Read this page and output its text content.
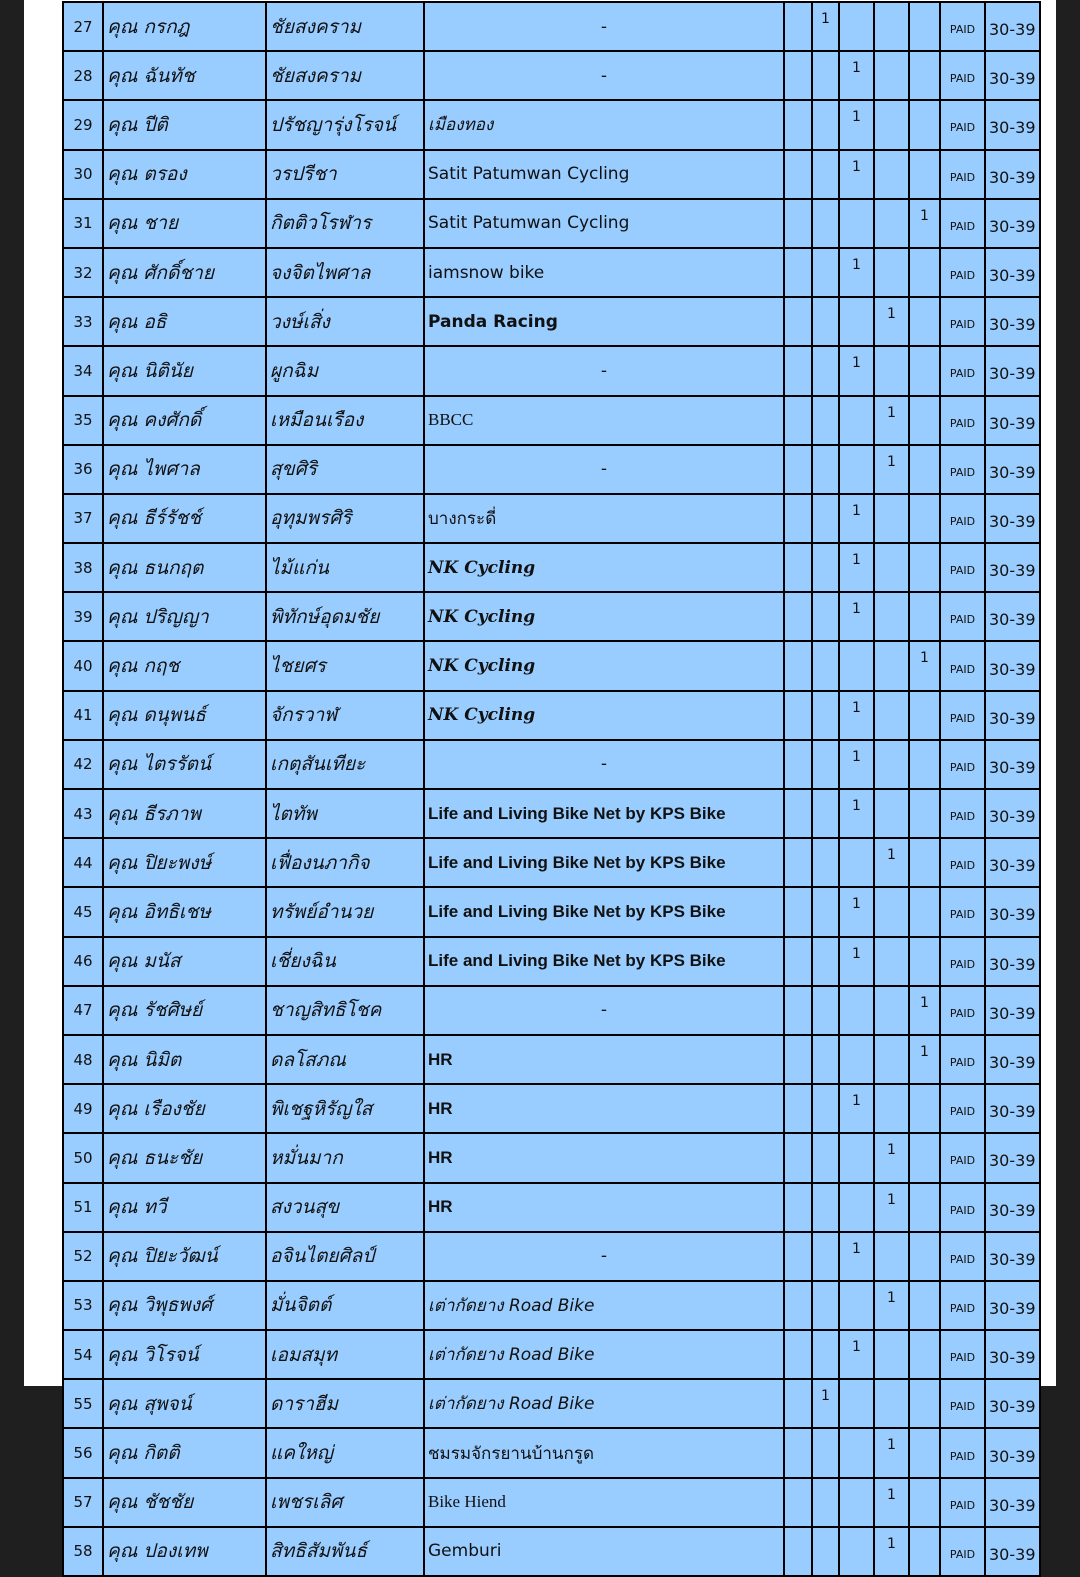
27	คุณ กรกฎ	ชัยสงคราม	-		1				PAID	30-39
28	คุณ ฉันทัช	ชัยสงคราม	-			1			PAID	30-39
29	คุณ ปีติ	ปรัชญารุ่งโรจน์	เมืองทอง			1			PAID	30-39
30	คุณ ตรอง	วรปรีชา	Satit Patumwan Cycling			1			PAID	30-39
31	คุณ ชาย	กิตติวโรฬาร	Satit Patumwan Cycling					1	PAID	30-39
32	คุณ ศักดิ์ชาย	จงจิตไพศาล	iamsnow bike			1			PAID	30-39
33	คุณ อธิ	วงษ์เสิ่ง	Panda Racing				1		PAID	30-39
34	คุณ นิตินัย	ผูกฉิม	-			1			PAID	30-39
35	คุณ คงศักดิ์	เหมือนเรือง	BBCC				1		PAID	30-39
36	คุณ ไพศาล	สุขศิริ	-				1		PAID	30-39
37	คุณ ธีร์รัชช์	อุทุมพรศิริ	บางกระดี่			1			PAID	30-39
38	คุณ ธนกฤต	ไม้แก่น	NK Cycling			1			PAID	30-39
39	คุณ ปริญญา	พิทักษ์อุดมชัย	NK Cycling			1			PAID	30-39
40	คุณ กฤช	ไชยศร	NK Cycling					1	PAID	30-39
41	คุณ ดนุพนธ์	จักรวาฬ	NK Cycling			1			PAID	30-39
42	คุณ ไตรรัตน์	เกตุสันเทียะ	-			1			PAID	30-39
43	คุณ ธีรภาพ	ไตทัพ	Life and Living Bike Net by KPS Bike			1			PAID	30-39
44	คุณ ปิยะพงษ์	เฟื่องนภากิจ	Life and Living Bike Net by KPS Bike				1		PAID	30-39
45	คุณ อิทธิเชษ	ทรัพย์อำนวย	Life and Living Bike Net by KPS Bike			1			PAID	30-39
46	คุณ มนัส	เชี่ยงฉิน	Life and Living Bike Net by KPS Bike			1			PAID	30-39
47	คุณ รัชศิษย์	ชาญสิทธิโชค	-					1	PAID	30-39
48	คุณ นิมิต	ดลโสภณ	HR					1	PAID	30-39
49	คุณ เรืองชัย	พิเชฐหิรัญใส	HR			1			PAID	30-39
50	คุณ ธนะชัย	หมั่นมาก	HR				1		PAID	30-39
51	คุณ ทวี	สงวนสุข	HR				1		PAID	30-39
52	คุณ ปิยะวัฒน์	อจินไตยศิลป์	-			1			PAID	30-39
53	คุณ วิพุธพงศ์	มั่นจิตต์	เต่ากัดยาง Road Bike				1		PAID	30-39
54	คุณ วิโรจน์	เอมสมุท	เต่ากัดยาง Road Bike			1			PAID	30-39
55	คุณ สุพจน์	ดาราฮีม	เต่ากัดยาง Road Bike		1				PAID	30-39
56	คุณ กิตติ	แคใหญ่	ชมรมจักรยานบ้านกรูด				1		PAID	30-39
57	คุณ ชัชชัย	เพชรเลิศ	Bike Hiend				1		PAID	30-39
58	คุณ ปองเทพ	สิทธิสัมพันธ์	Gemburi				1		PAID	30-39
